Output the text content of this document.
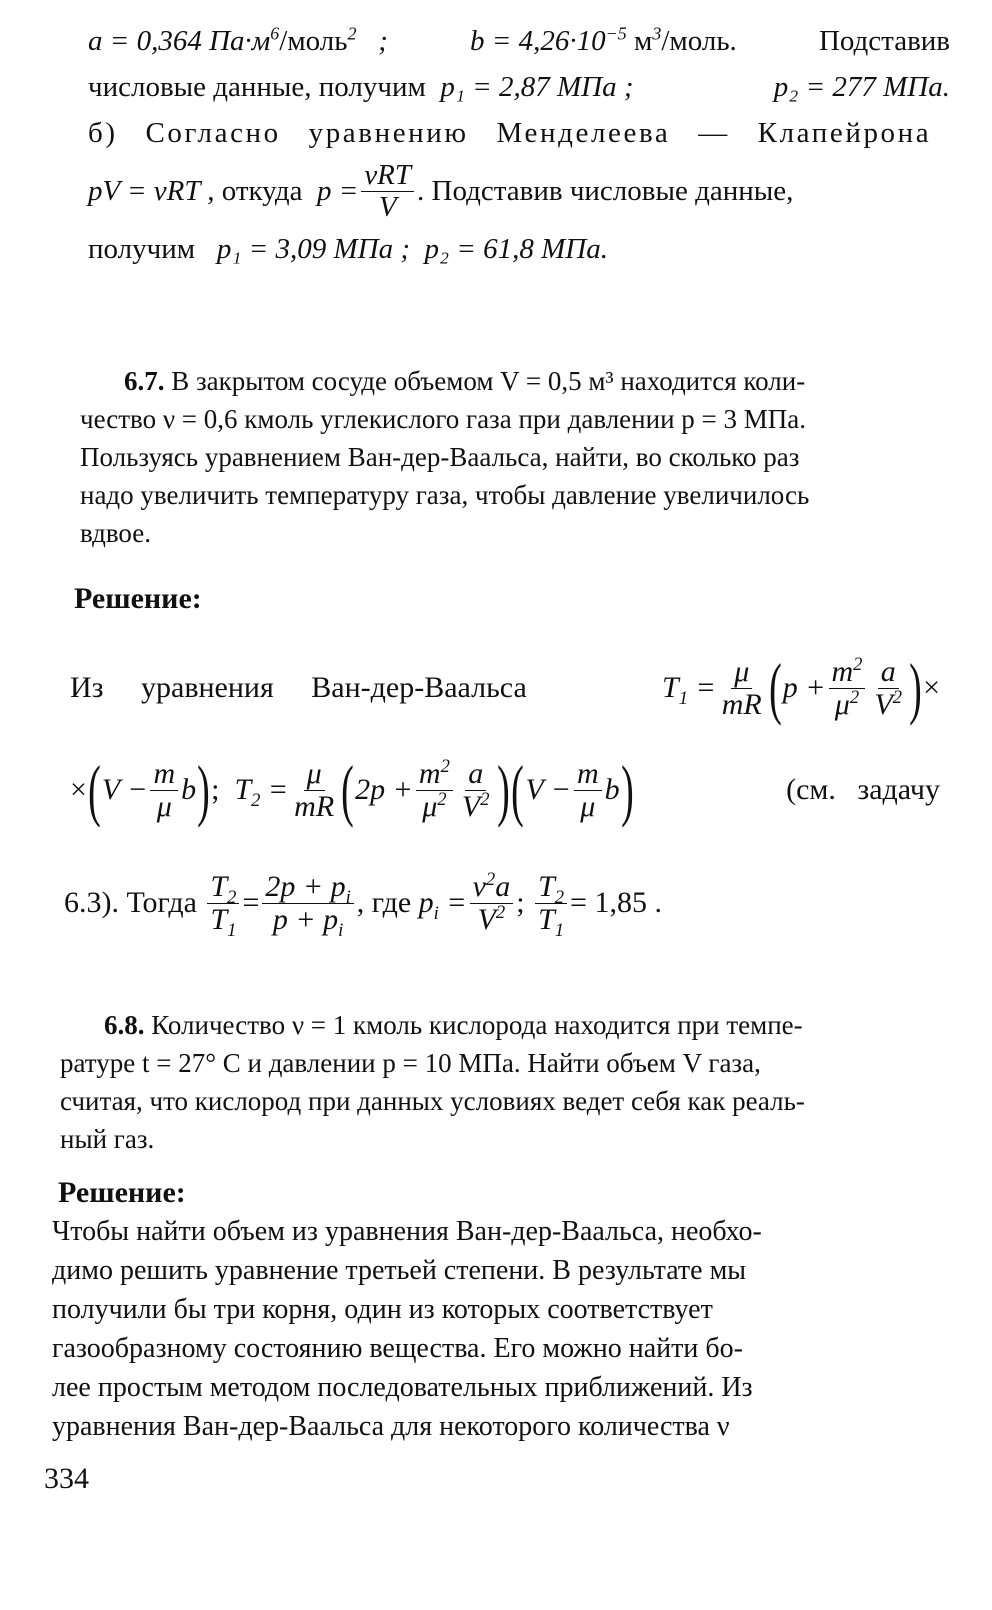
a = 0,364 $Па\cdot м^6/моль^2$   ;	$b = 4,26\cdot 10^{-5}$ $м^3$/моль.	Подставив
числовые данные, получим p₁ = 2,87 МПа ;	p₂ = 277 МПа.
б) Согласно уравнению Менделеева — Клапейрона
pV = νRT ,
откуда
$p = \frac{\text{νRT}}{V}$ . Подставив числовые данные,
получим p₁ = 3,09 МПа ; p₂ = 61,8 МПа.
6.7. В закрытом сосуде объемом V = 0,5 м³ находится коли-
чество ν = 0,6 кмоль углекислого газа при давлении p = 3 МПа.
Пользуясь уравнением Ван-дер-Ваальса, найти, во сколько раз
надо увеличить температуру газа, чтобы давление увеличилось
вдвое.
Решение:
Из уравнения Ван-дер-Ваальса	$T_1 = \frac{\mu}{mR}$ ( $p + \frac{m^2}{\mu^2} \frac{a}{V^2}$ ) ×
× ( $V - \frac{m}{\mu}$ b ) ; $T_2 = \frac{\mu}{mR}$ ( $2p + \frac{m^2}{\mu^2} \frac{a}{V^2}$ ) ( $V - \frac{m}{\mu}$ b )	(см. задачу
6.3). Тогда
$\frac{T_2}{T_1} = \frac{2p + p_i}{p + p_i}$ , где
$p_i = \frac{\nu^2a}{V^2}$ ; $\frac{T_2}{T_1} = 1,85$ .
6.8. Количество ν = 1 кмоль кислорода находится при темпе-
ратуре t = 27° C и давлении p = 10 МПа. Найти объем V газа,
считая, что кислород при данных условиях ведет себя как реаль-
ный газ.
Решение:
Чтобы найти объем из уравнения Ван-дер-Ваальса, необхо-
димо решить уравнение третьей степени. В результате мы
получили бы три корня, один из которых соответствует
газообразному состоянию вещества. Его можно найти бо-
лее простым методом последовательных приближений. Из
уравнения Ван-дер-Ваальса для некоторого количества ν
334
